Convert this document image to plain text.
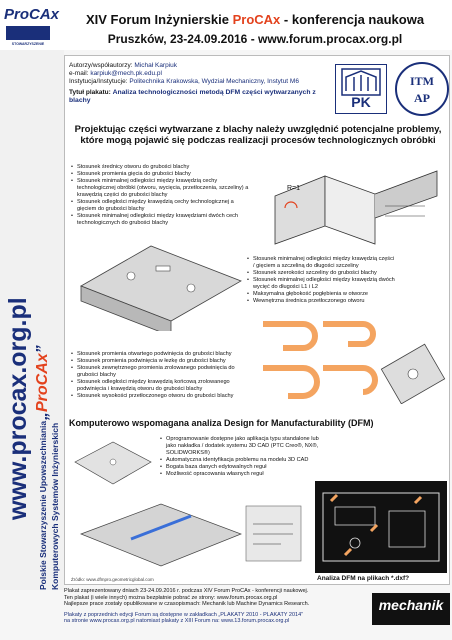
ProCAx
STOWARZYSZENIE
XIV Forum Inżynierskie ProCAx - konferencja naukowa
Pruszków, 23-24.09.2016 - www.forum.procax.org.pl
www.procax.org.pl „ProCAx”
Polskie Stowarzyszenie Upowszechniania Komputerowych Systemów Inżynierskich
Autorzy/współautorzy: Michał Karpiuk
e-mail: karpiuk@mech.pk.edu.pl
Instytucja/Instytucje: Politechnika Krakowska, Wydział Mechaniczny, Instytut M6
Tytuł plakatu: Analiza technologiczności metodą DFM części wytwarzanych z blachy	PK
ITM
AP
Projektując części wytwarzane z blachy należy uwzględnić potencjalne problemy, które mogą pojawić się podczas realizacji procesów technologicznych obróbki
• Stosunek średnicy otworu do grubości blachy
• Stosunek promienia gięcia do grubości blachy
• Stosunek minimalnej odległości między krawędzią cechy technologicznej obróbki (otworu, wycięcia, przetłoczenia, szczeliny) a krawędzią części do grubości blachy
• Stosunek odległości między krawędzią cechy technologicznej a gięciem do grubości blachy
• Stosunek minimalnej odległości między krawędziami dwóch cech technologicznych do grubości blachy
R=1
• Stosunek minimalnej odległości między krawędzią części / gięciem a szczeliną do długości szczeliny
• Stosunek szerokości szczeliny do grubości blachy
• Stosunek minimalnej odległości między krawędzią dwóch wycięć do długości L1 i L2
• Maksymalna głębokość pogłębienia w otworze
• Wewnętrzna średnica przetłoczonego otworu
• Stosunek promienia otwartego podwinięcia do grubości blachy
• Stosunek promienia podwinięcia w łezkę do grubości blachy
• Stosunek zewnętrznego promienia zrolowanego podwinięcia do grubości blachy
• Stosunek odległości między krawędzią końcową zrolowanego podwinięcia i krawędzią otworu do grubości blachy
• Stosunek wysokości przetłoczonego otworu do grubości blachy
Komputerowo wspomagana analiza Design for Manufacturability (DFM)
• Oprogramowanie dostępne jako aplikacja typu standalone lub jako nakładka / dodatek systemu 3D CAD (PTC Creo®, NX®, SOLIDWORKS®)
• Automatyczna identyfikacja problemu na modelu 3D CAD
• Bogata baza danych edytowalnych reguł
• Możliwość opracowania własnych reguł
Źródło: www.dfmpro.geometricglobal.com	Analiza DFM na plikach *.dxf?
Plakat zaprezentowany dniach 23-24.09.2016 r. podczas XIV Forum ProCAx - konferencji naukowej.
Ten plakat (i wiele innych) można bezpłatnie pobrać ze strony: www.forum.procax.org.pl
Najlepsze prace zostały opublikowane w czasopismach: Mechanik lub Machine Dynamics Research.
Plakaty z poprzednich edycji Forum są dostępne w zakładkach „PLAKATY 2010 - PLAKATY 2014”
na stronie www.procax.org.pl natomiast plakaty z XIII Forum na: www.13.forum.procax.org.pl
mechanik
